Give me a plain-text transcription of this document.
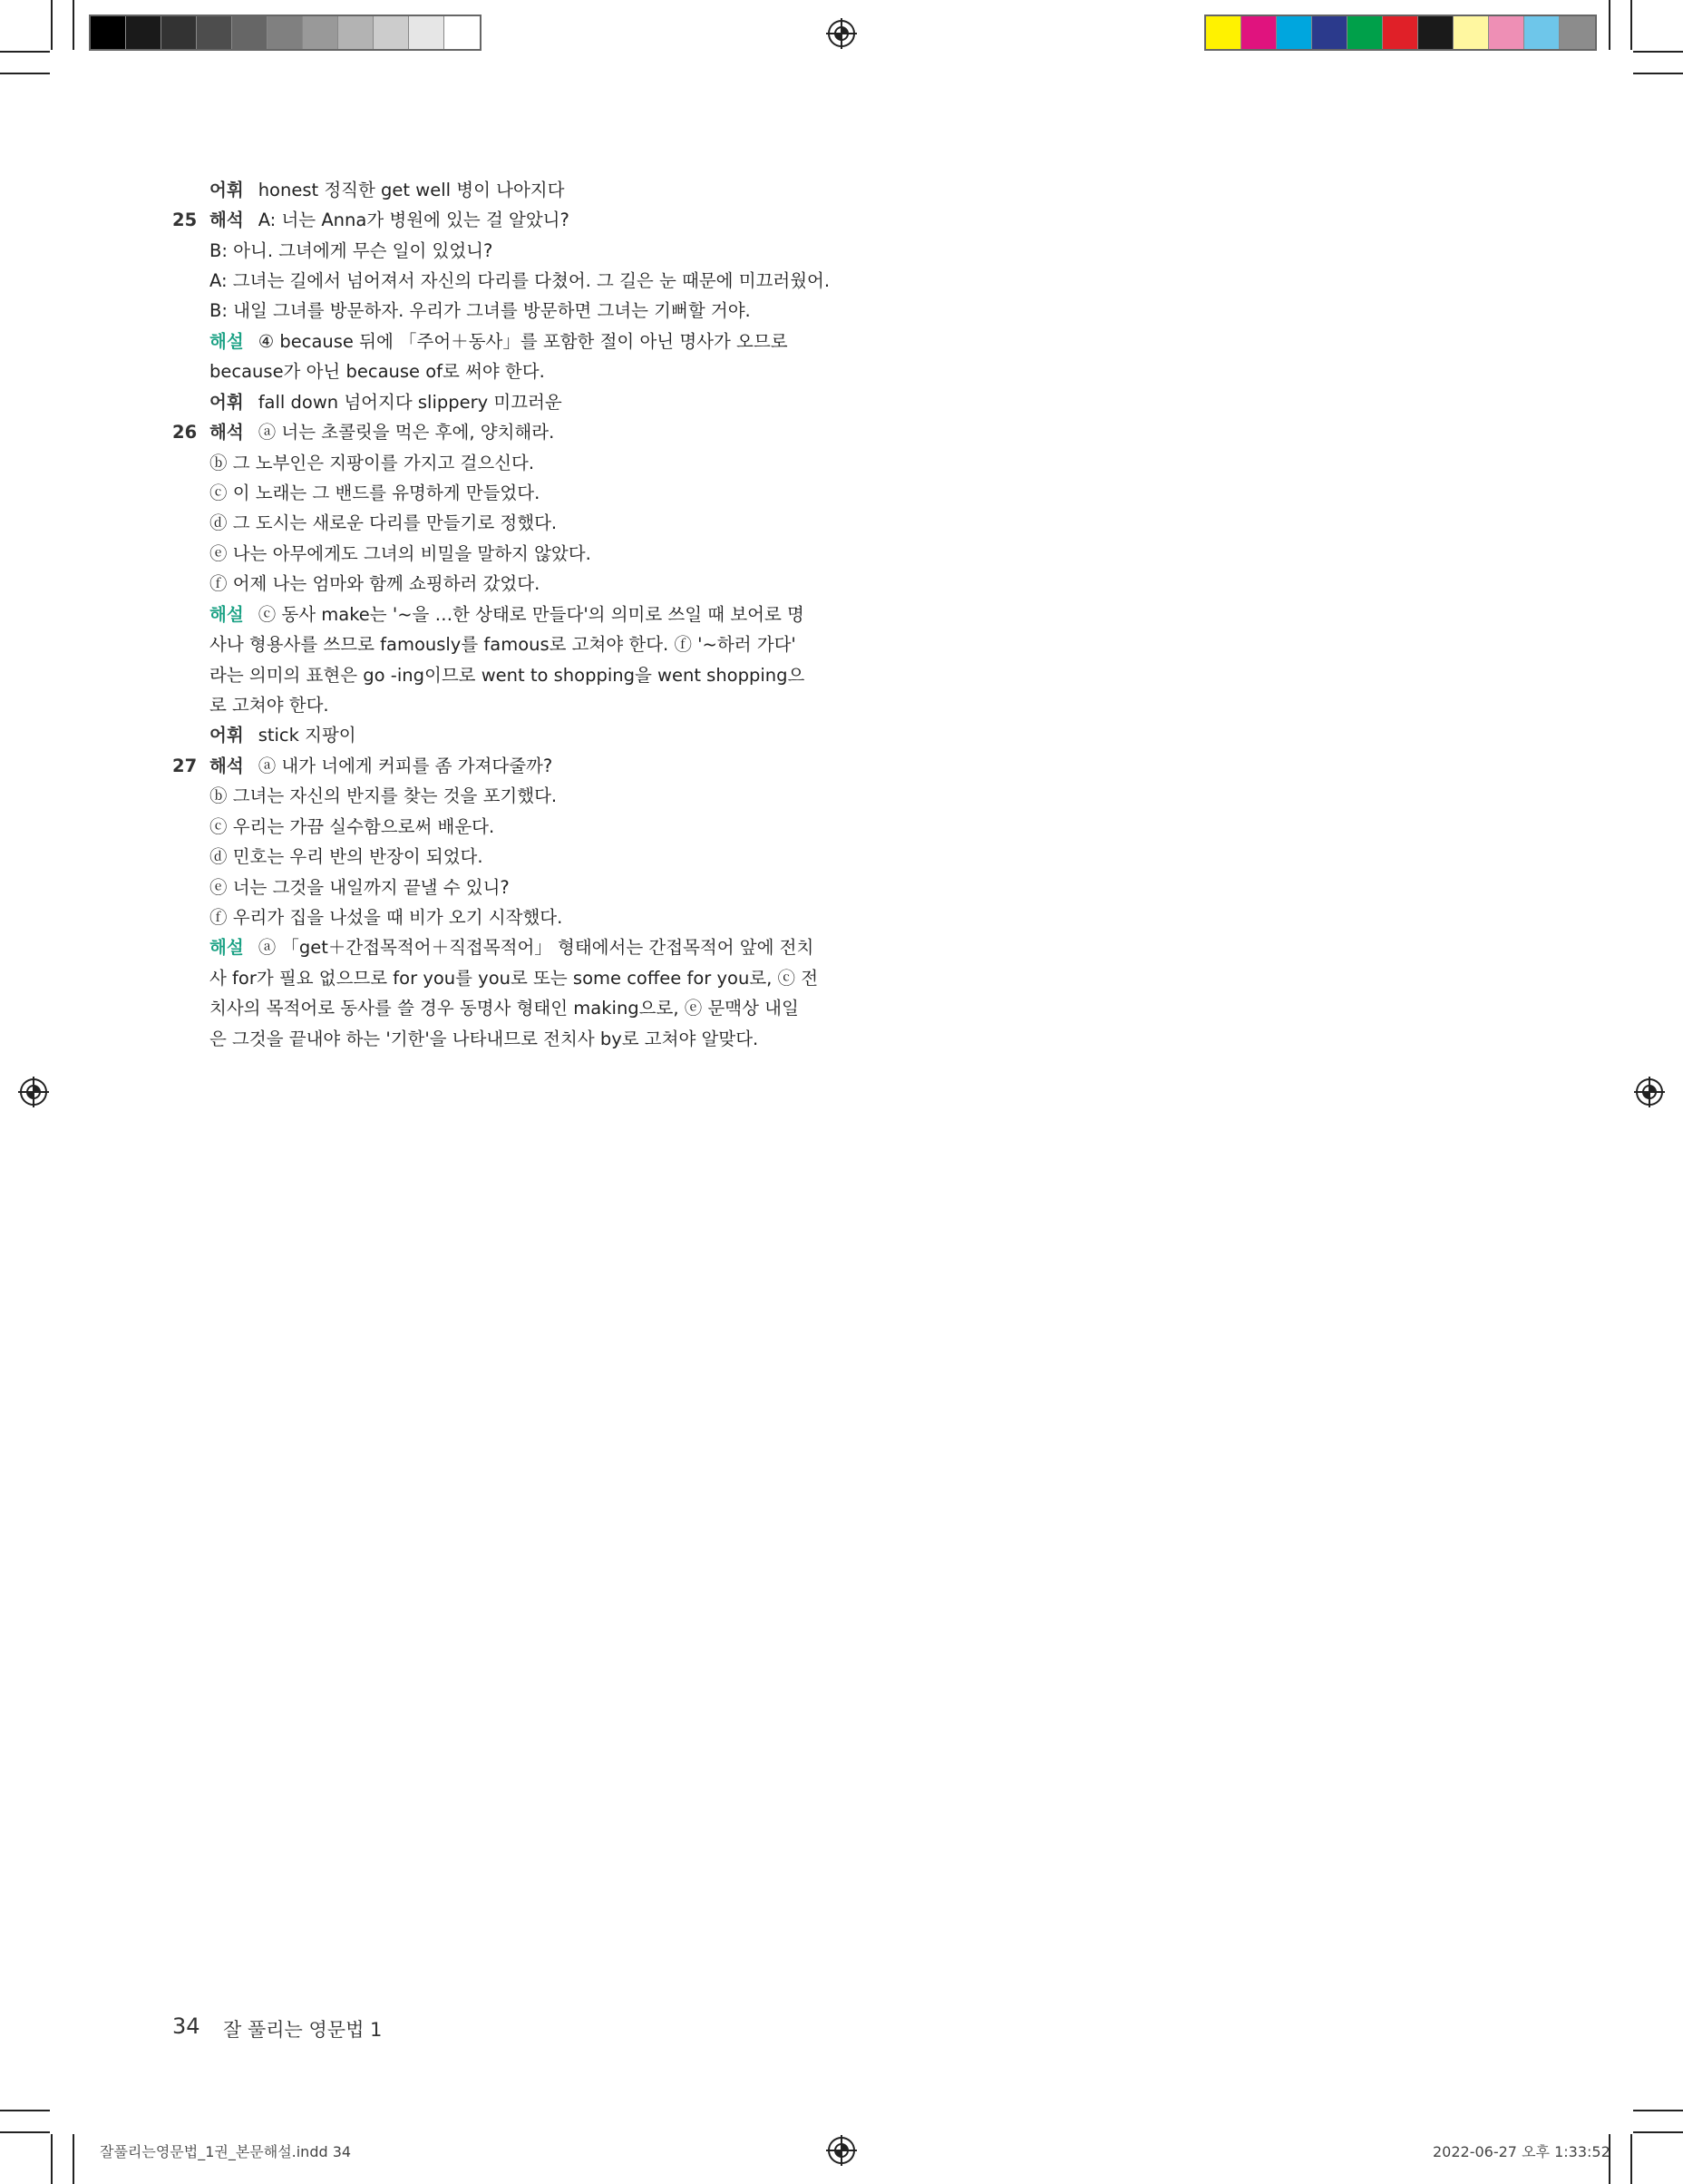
어휘 honest 정직한 get well 병이 나아지다
25 해석 A: 너는 Anna가 병원에 있는 걸 알았니?
B: 아니. 그녀에게 무슨 일이 있었니?
A: 그녀는 길에서 넘어져서 자신의 다리를 다쳤어. 그 길은 눈 때문에 미끄러웠어.
B: 내일 그녀를 방문하자. 우리가 그녀를 방문하면 그녀는 기뻐할 거야.
해설 ④ because 뒤에 「주어＋동사」를 포함한 절이 아닌 명사가 오므로
because가 아닌 because of로 써야 한다.
어휘 fall down 넘어지다 slippery 미끄러운
26 해석 ⓐ 너는 초콜릿을 먹은 후에, 양치해라.
ⓑ 그 노부인은 지팡이를 가지고 걸으신다.
ⓒ 이 노래는 그 밴드를 유명하게 만들었다.
ⓓ 그 도시는 새로운 다리를 만들기로 정했다.
ⓔ 나는 아무에게도 그녀의 비밀을 말하지 않았다.
ⓕ 어제 나는 엄마와 함께 쇼핑하러 갔었다.
해설 ⓒ 동사 make는 '~을 …한 상태로 만들다'의 의미로 쓰일 때 보어로 명
사나 형용사를 쓰므로 famously를 famous로 고쳐야 한다. ⓕ '~하러 가다'
라는 의미의 표현은 go -ing이므로 went to shopping을 went shopping으
로 고쳐야 한다.
어휘 stick 지팡이
27 해석 ⓐ 내가 너에게 커피를 좀 가져다줄까?
ⓑ 그녀는 자신의 반지를 찾는 것을 포기했다.
ⓒ 우리는 가끔 실수함으로써 배운다.
ⓓ 민호는 우리 반의 반장이 되었다.
ⓔ 너는 그것을 내일까지 끝낼 수 있니?
ⓕ 우리가 집을 나섰을 때 비가 오기 시작했다.
해설 ⓐ 「get＋간접목적어＋직접목적어」 형태에서는 간접목적어 앞에 전치
사 for가 필요 없으므로 for you를 you로 또는 some coffee for you로, ⓒ 전
치사의 목적어로 동사를 쓸 경우 동명사 형태인 making으로, ⓔ 문맥상 내일
은 그것을 끝내야 하는 '기한'을 나타내므로 전치사 by로 고쳐야 알맞다.
34 잘 풀리는 영문법 1
잘풀리는영문법_1권_본문해설.indd 34	2022-06-27 오후 1:33:52
